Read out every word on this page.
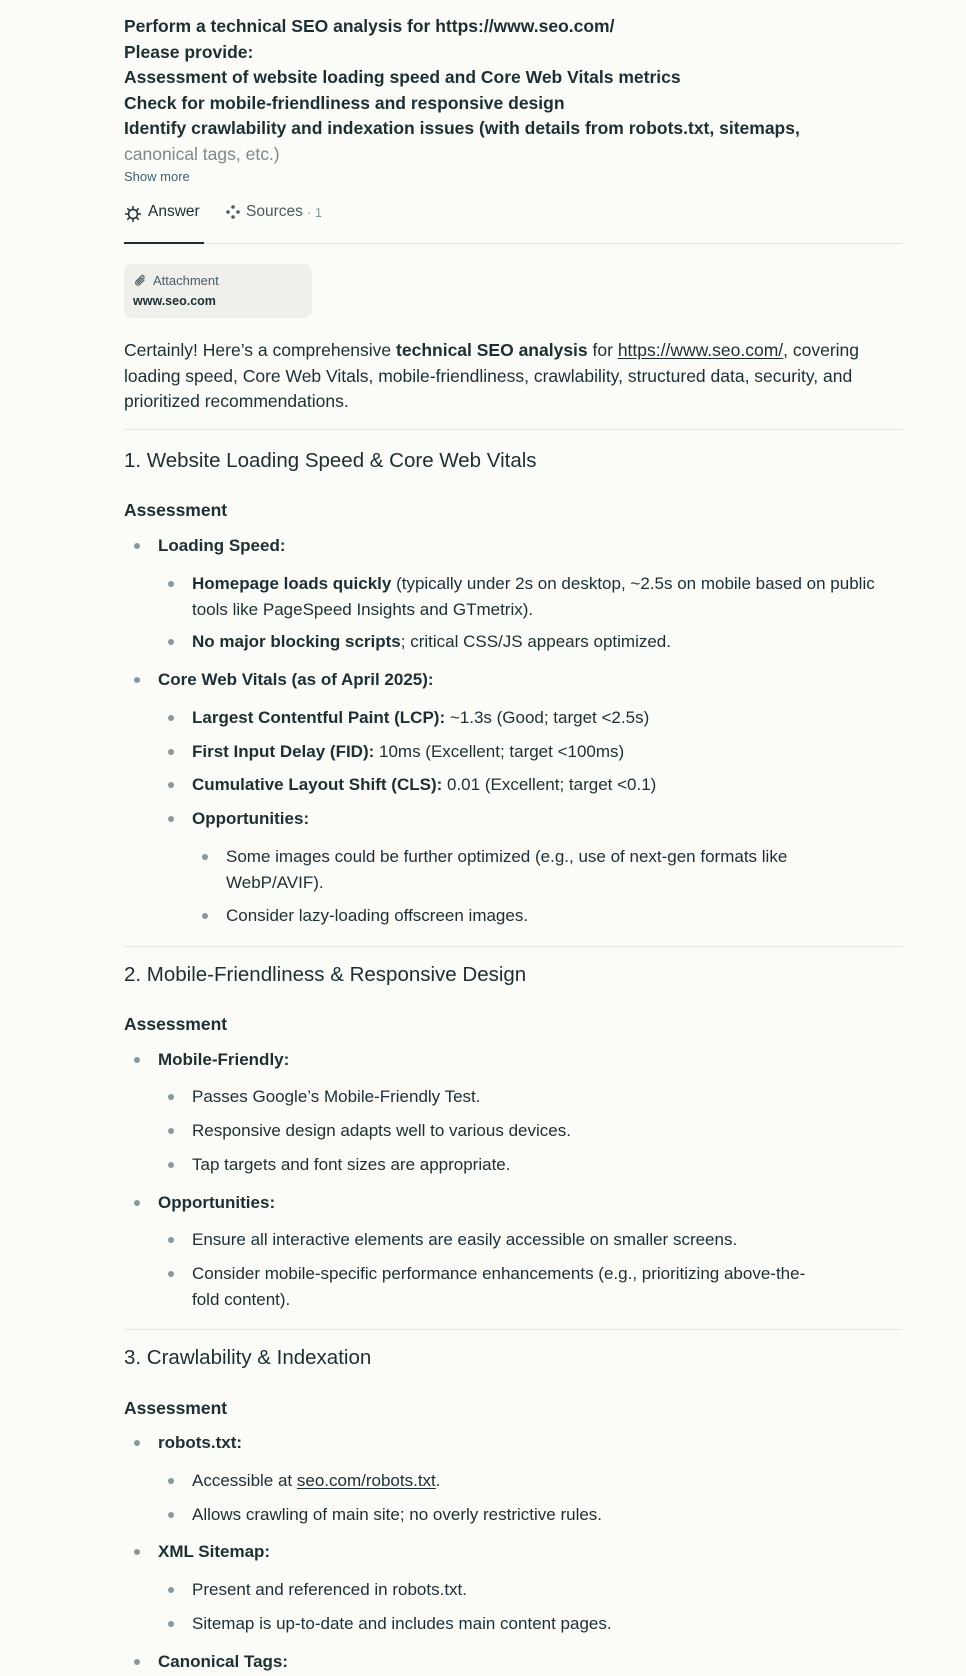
Perform a technical SEO analysis for https://www.seo.com/
Please provide:
Assessment of website loading speed and Core Web Vitals metrics
Check for mobile-friendliness and responsive design
Identify crawlability and indexation issues (with details from robots.txt, sitemaps,
canonical tags, etc.)
Show more
Answer	Sources · 1
Attachment
www.seo.com
Certainly! Here’s a comprehensive technical SEO analysis for https://www.seo.com/, covering loading speed, Core Web Vitals, mobile-friendliness, crawlability, structured data, security, and prioritized recommendations.
1. Website Loading Speed & Core Web Vitals
Assessment
Loading Speed:
Homepage loads quickly (typically under 2s on desktop, ~2.5s on mobile based on public tools like PageSpeed Insights and GTmetrix).
No major blocking scripts; critical CSS/JS appears optimized.
Core Web Vitals (as of April 2025):
Largest Contentful Paint (LCP): ~1.3s (Good; target <2.5s)
First Input Delay (FID): 10ms (Excellent; target <100ms)
Cumulative Layout Shift (CLS): 0.01 (Excellent; target <0.1)
Opportunities:
Some images could be further optimized (e.g., use of next-gen formats like WebP/AVIF).
Consider lazy-loading offscreen images.
2. Mobile-Friendliness & Responsive Design
Assessment
Mobile-Friendly:
Passes Google’s Mobile-Friendly Test.
Responsive design adapts well to various devices.
Tap targets and font sizes are appropriate.
Opportunities:
Ensure all interactive elements are easily accessible on smaller screens.
Consider mobile-specific performance enhancements (e.g., prioritizing above-the-fold content).
3. Crawlability & Indexation
Assessment
robots.txt:
Accessible at seo.com/robots.txt.
Allows crawling of main site; no overly restrictive rules.
XML Sitemap:
Present and referenced in robots.txt.
Sitemap is up-to-date and includes main content pages.
Canonical Tags:
